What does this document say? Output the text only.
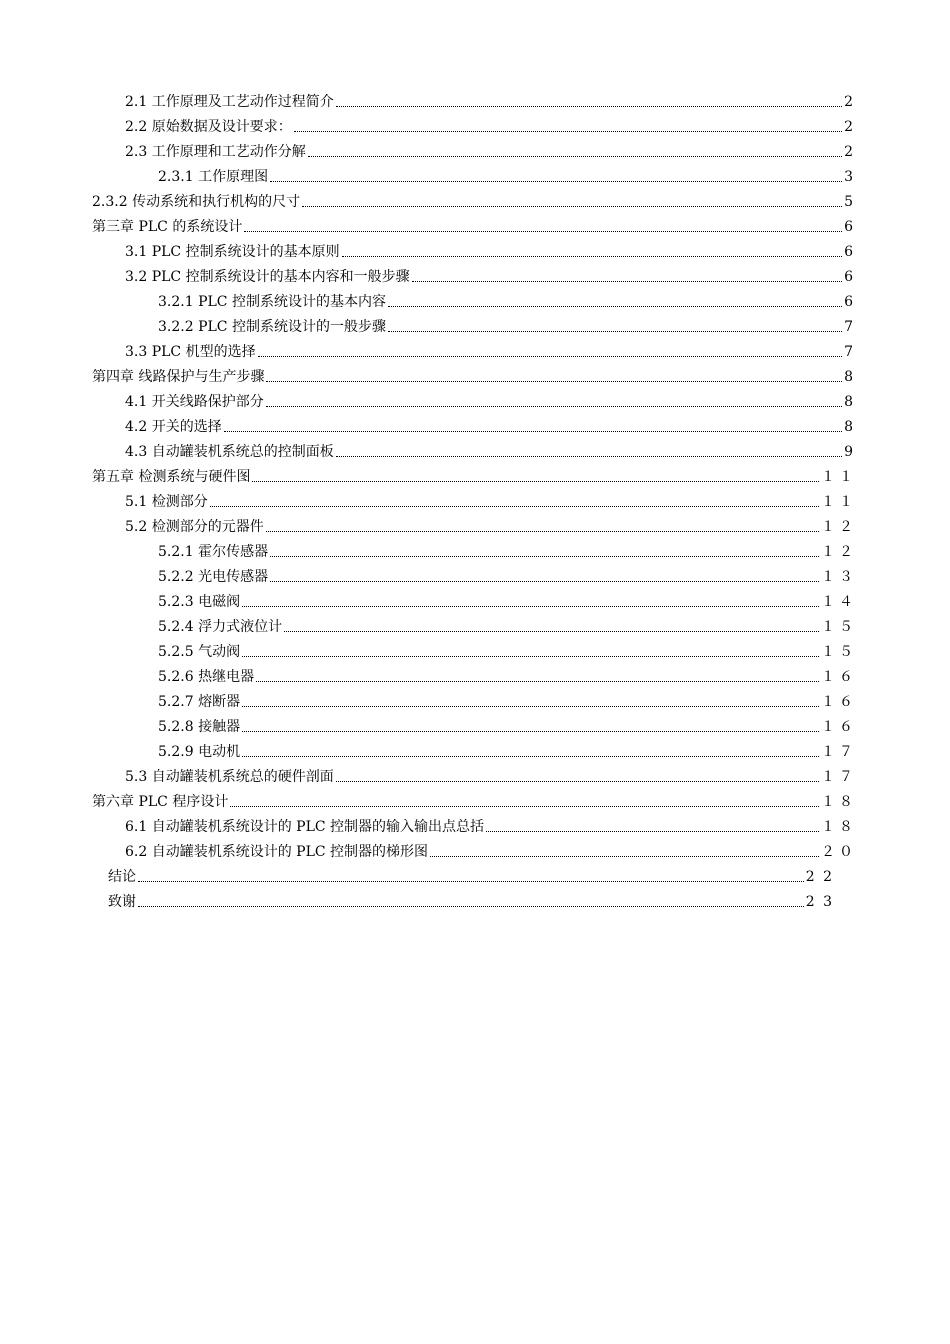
2.1 工作原理及工艺动作过程简介	2
2.2 原始数据及设计要求：	2
2.3 工作原理和工艺动作分解	2
2.3.1 工作原理图	3
2.3.2 传动系统和执行机构的尺寸	5
第三章 PLC 的系统设计	6
3.1 PLC 控制系统设计的基本原则	6
3.2 PLC 控制系统设计的基本内容和一般步骤	6
3.2.1 PLC 控制系统设计的基本内容	6
3.2.2 PLC 控制系统设计的一般步骤	7
3.3 PLC 机型的选择	7
第四章 线路保护与生产步骤	8
4.1 开关线路保护部分	8
4.2 开关的选择	8
4.3 自动罐装机系统总的控制面板	9
第五章 检测系统与硬件图	１１
5.1 检测部分	１１
5.2 检测部分的元器件	１２
5.2.1 霍尔传感器	１２
5.2.2 光电传感器	１３
5.2.3 电磁阀	１４
5.2.4 浮力式液位计	１５
5.2.5 气动阀	１５
5.2.6 热继电器	１６
5.2.7 熔断器	１６
5.2.8 接触器	１６
5.2.9 电动机	１７
5.3 自动罐装机系统总的硬件剖面	１７
第六章 PLC 程序设计	１８
6.1 自动罐装机系统设计的 PLC 控制器的输入输出点总括	１８
6.2 自动罐装机系统设计的 PLC 控制器的梯形图	２０
结论	2 2
致谢	2 3
